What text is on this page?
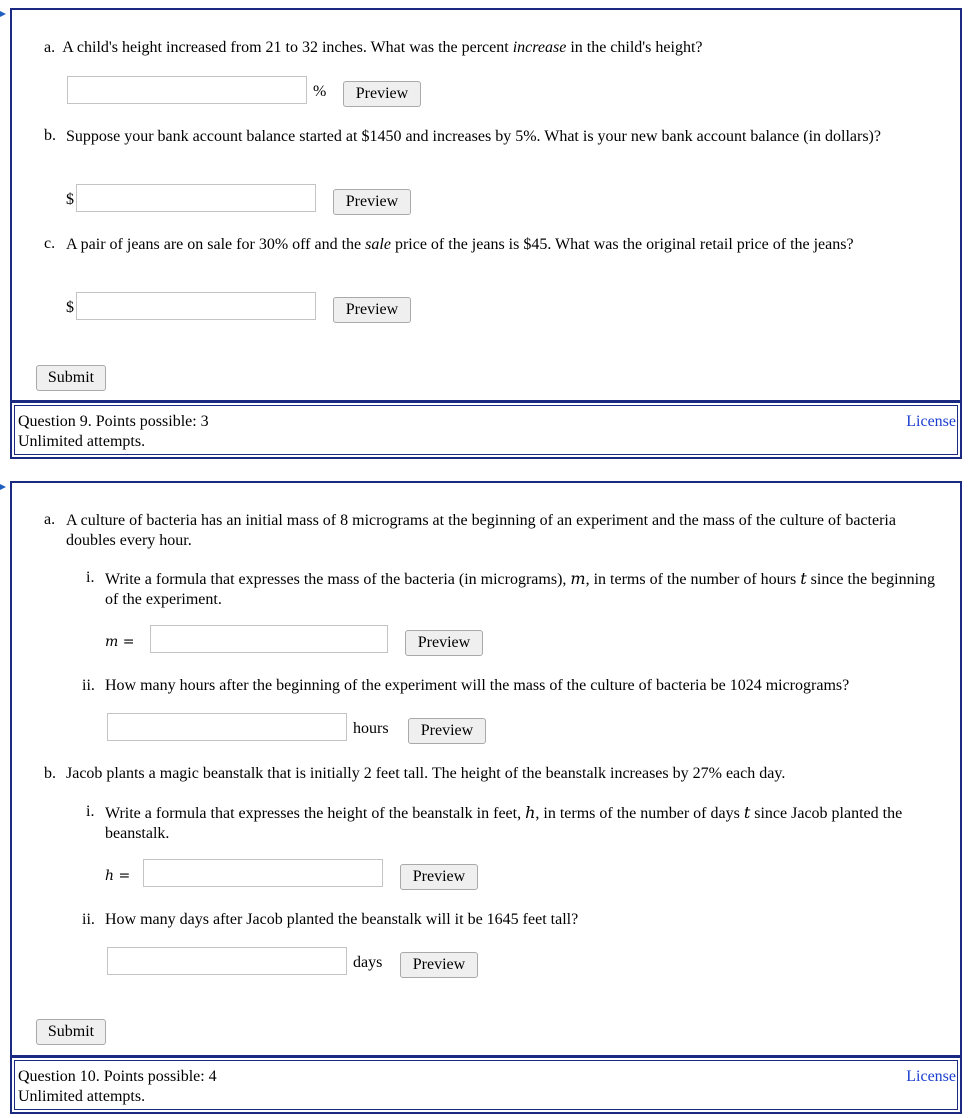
a. A child's height increased from 21 to 32 inches. What was the percent increase in the child's height?
%	Preview
b. Suppose your bank account balance started at $1450 and increases by 5%. What is your new bank account balance (in dollars)?
$	Preview
c. A pair of jeans are on sale for 30% off and the sale price of the jeans is $45. What was the original retail price of the jeans?
$	Preview
Submit
Question 9. Points possible: 3
Unlimited attempts.
License
a. A culture of bacteria has an initial mass of 8 micrograms at the beginning of an experiment and the mass of the culture of bacteria doubles every hour.
i. Write a formula that expresses the mass of the bacteria (in micrograms), m, in terms of the number of hours t since the beginning of the experiment.
m =	Preview
ii. How many hours after the beginning of the experiment will the mass of the culture of bacteria be 1024 micrograms?
hours	Preview
b. Jacob plants a magic beanstalk that is initially 2 feet tall. The height of the beanstalk increases by 27% each day.
i. Write a formula that expresses the height of the beanstalk in feet, h, in terms of the number of days t since Jacob planted the beanstalk.
h =	Preview
ii. How many days after Jacob planted the beanstalk will it be 1645 feet tall?
days	Preview
Submit
Question 10. Points possible: 4
Unlimited attempts.
License
